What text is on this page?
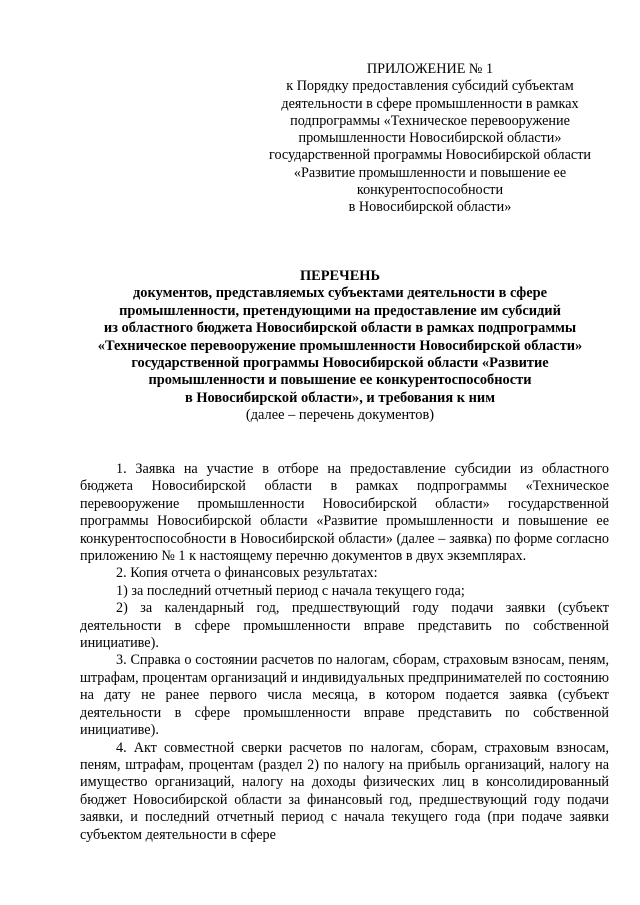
ПРИЛОЖЕНИЕ № 1
к Порядку предоставления субсидий субъектам
деятельности в сфере промышленности в рамках
подпрограммы «Техническое перевооружение
промышленности Новосибирской области»
государственной программы Новосибирской области
«Развитие промышленности и повышение ее
конкурентоспособности
в Новосибирской области»
ПЕРЕЧЕНЬ
документов, представляемых субъектами деятельности в сфере
промышленности, претендующими на предоставление им субсидий
из областного бюджета Новосибирской области в рамках подпрограммы
«Техническое перевооружение промышленности Новосибирской области»
государственной программы Новосибирской области «Развитие
промышленности и повышение ее конкурентоспособности
в Новосибирской области», и требования к ним
(далее – перечень документов)

1. Заявка на участие в отборе на предоставление субсидии из областного бюджета Новосибирской области в рамках подпрограммы «Техническое перевооружение промышленности Новосибирской области» государственной программы Новосибирской области «Развитие промышленности и повышение ее конкурентоспособности в Новосибирской области» (далее – заявка) по форме согласно приложению № 1 к настоящему перечню документов в двух экземплярах.

2. Копия отчета о финансовых результатах:

1) за последний отчетный период с начала текущего года;

2) за календарный год, предшествующий году подачи заявки (субъект деятельности в сфере промышленности вправе представить по собственной инициативе).

3. Справка о состоянии расчетов по налогам, сборам, страховым взносам, пеням, штрафам, процентам организаций и индивидуальных предпринимателей по состоянию на дату не ранее первого числа месяца, в котором подается заявка (субъект деятельности в сфере промышленности вправе представить по собственной инициативе).

4. Акт совместной сверки расчетов по налогам, сборам, страховым взносам, пеням, штрафам, процентам (раздел 2) по налогу на прибыль организаций, налогу на имущество организаций, налогу на доходы физических лиц в консолидированный бюджет Новосибирской области за финансовый год, предшествующий году подачи заявки, и последний отчетный период с начала текущего года (при подаче заявки субъектом деятельности в сфере
